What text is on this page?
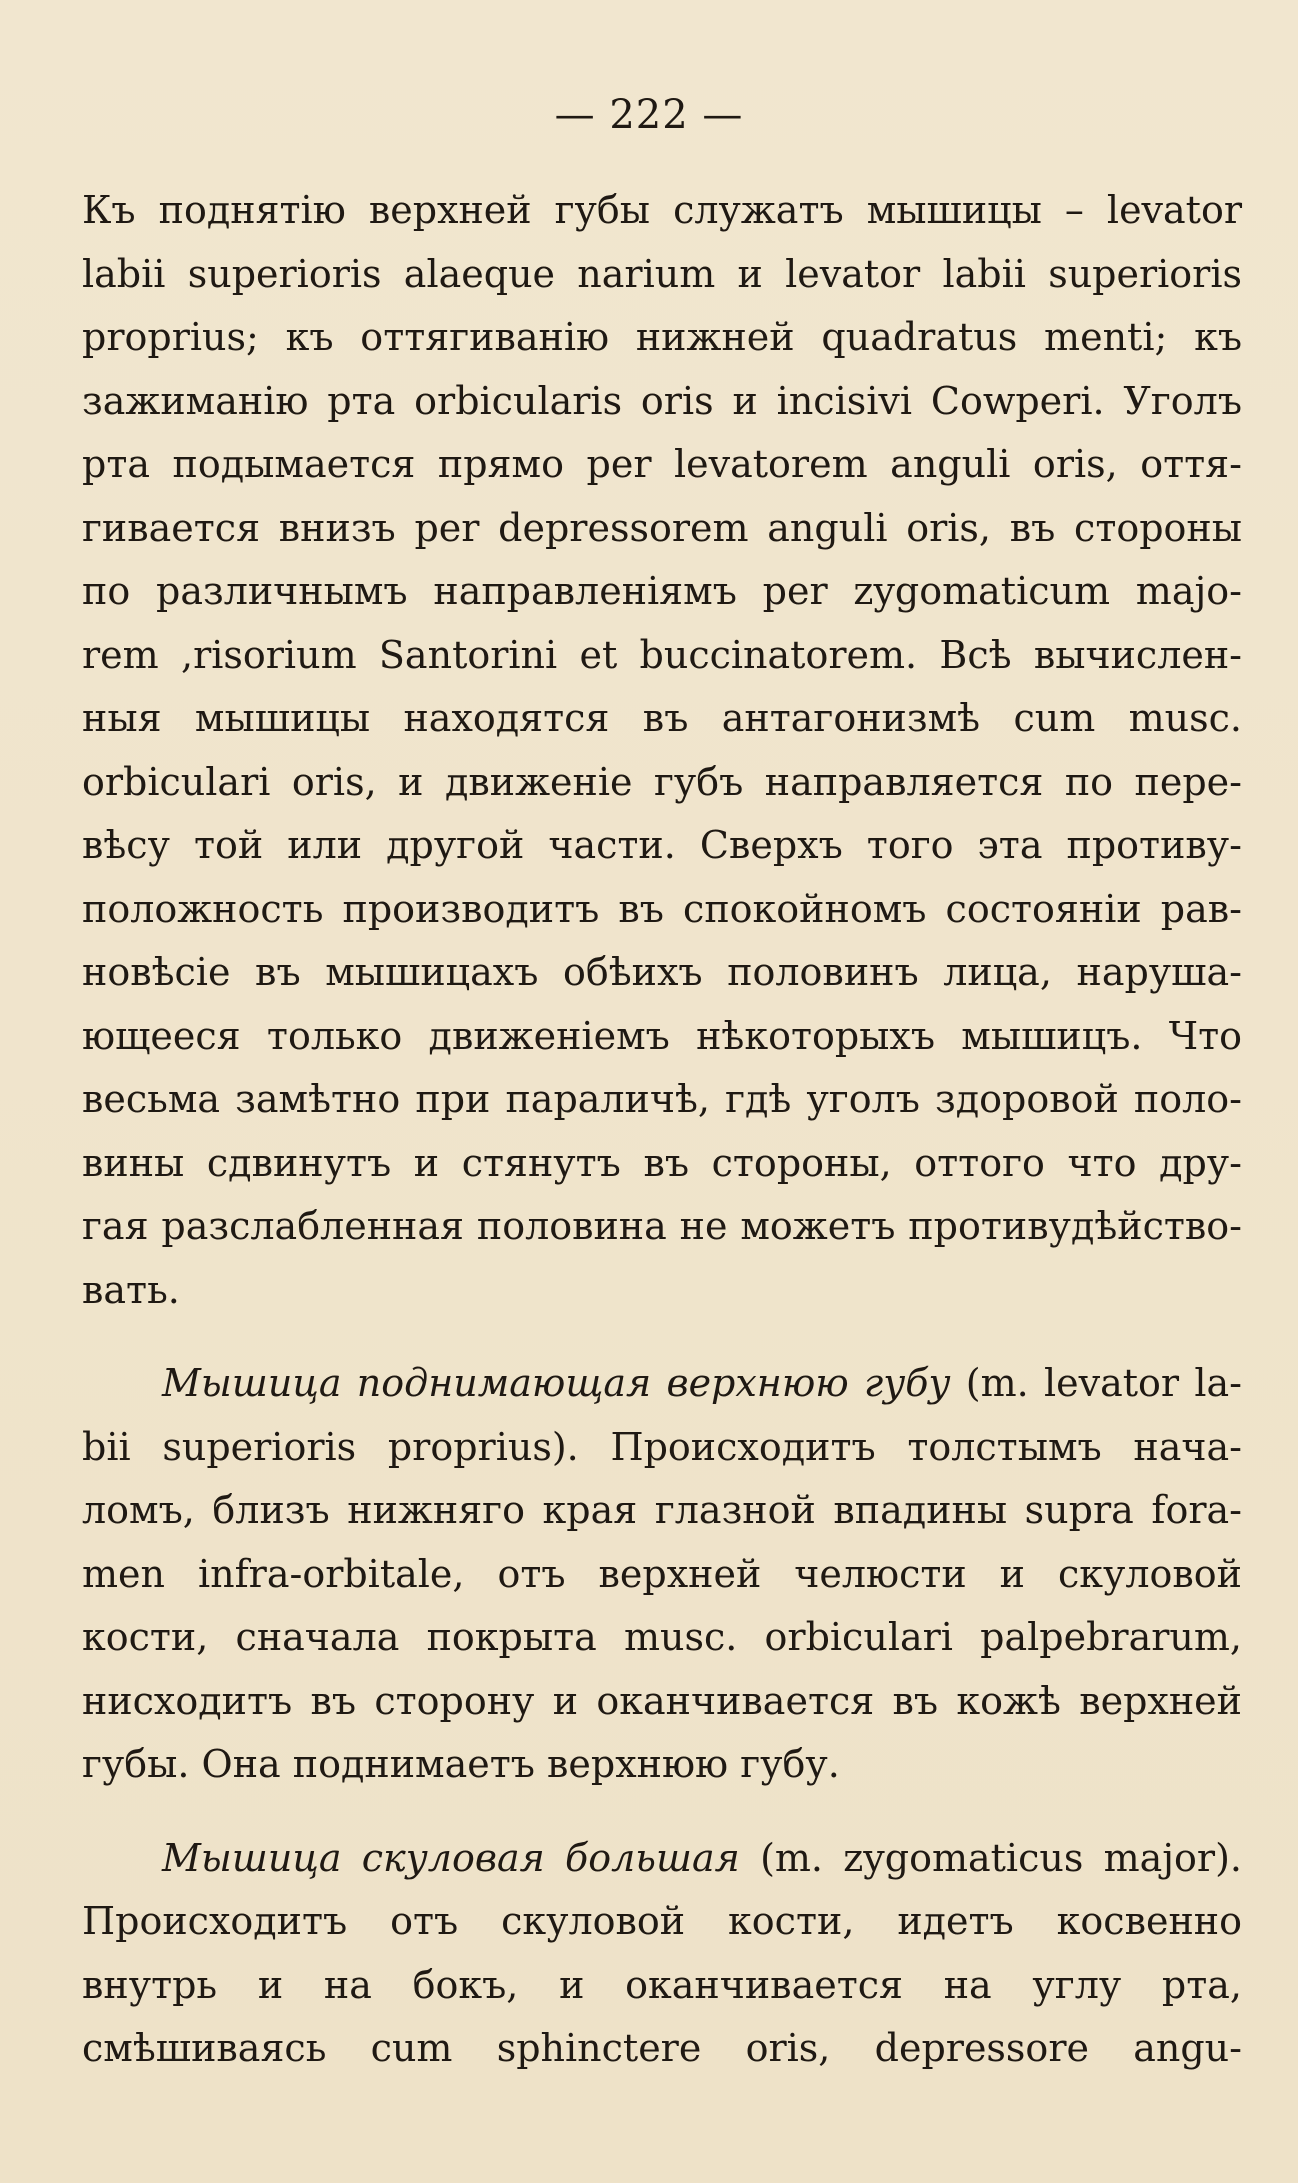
— 222 —
Къ поднятію верхней губы служатъ мышицы – levator
labii superioris alaeque narium и levator labii superioris
proprius; къ оттягиванію нижней quadratus menti; къ
зажиманію рта orbicularis oris и incisivi Cowperi. Уголъ
рта подымается прямо per levatorem anguli oris, оття-
гивается внизъ per depressorem anguli oris, въ стороны
по различнымъ направленіямъ per zygomaticum majo-
rem ,risorium Santorini et buccinatorem. Всѣ вычислен-
ныя мышицы находятся въ антагонизмѣ cum musc.
orbiculari oris, и движеніе губъ направляется по пере-
вѣсу той или другой части. Сверхъ того эта противу-
положность производитъ въ спокойномъ состояніи рав-
новѣсіе въ мышицахъ обѣихъ половинъ лица, наруша-
ющееся только движеніемъ нѣкоторыхъ мышицъ. Что
весьма замѣтно при параличѣ, гдѣ уголъ здоровой поло-
вины сдвинутъ и стянутъ въ стороны, оттого что дру-
гая разслабленная половина не можетъ противудѣйство-
вать.
Мышица поднимающая верхнюю губу (m. levator la-
bii superioris proprius). Происходитъ толстымъ нача-
ломъ, близъ нижняго края глазной впадины supra fora-
men infra-orbitale, отъ верхней челюсти и скуловой
кости, сначала покрыта musc. orbiculari palpebrarum,
нисходитъ въ сторону и оканчивается въ кожѣ верхней
губы. Она поднимаетъ верхнюю губу.
Мышица скуловая большая (m. zygomaticus major).
Происходитъ отъ скуловой кости, идетъ косвенно
внутрь и на бокъ, и оканчивается на углу рта,
смѣшиваясь cum sphinctere oris, depressore angu-
